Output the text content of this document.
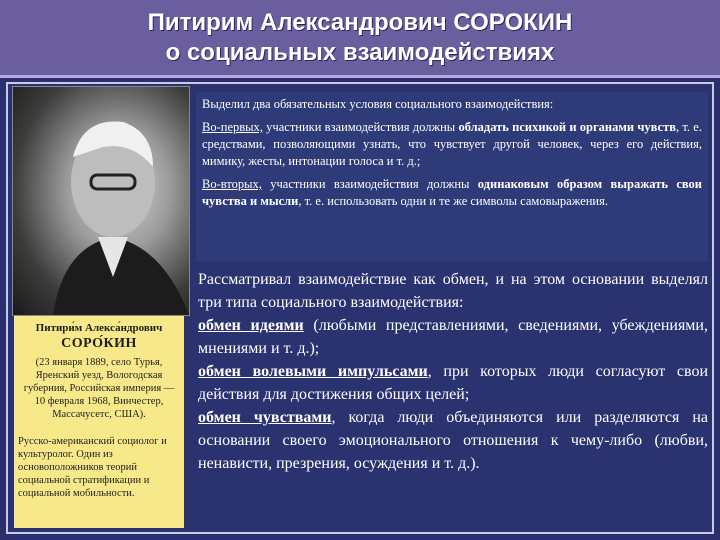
Питирим Александрович СОРОКИН
о социальных взаимодействиях
Питири́м Алекса́ндрович
СОРО́КИН
(23 января 1889, село Турья, Яренский уезд, Вологодская губерния, Российская империя — 10 февраля 1968, Винчестер, Массачусетс, США).
Русско-американский социолог и культуролог. Один из основоположников теорий социальной стратификации и социальной мобильности.

Выделил два обязательных условия социального взаимодействия:

Во-первых, участники взаимодействия должны обладать психикой и органами чувств, т. е. средствами, позволяющими узнать, что чувствует другой человек, через его действия, мимику, жесты, интонации голоса и т. д.;

Во-вторых, участники взаимодействия должны одинаковым образом выражать свои чувства и мысли, т. е. использовать одни и те же символы самовыражения.

Рассматривал взаимодействие как обмен, и на этом основании выделял три типа социального взаимодействия:

обмен идеями (любыми представлениями, сведениями, убеждениями, мнениями и т. д.);

обмен волевыми импульсами, при которых люди согласуют свои действия для достижения общих целей;

обмен чувствами, когда люди объединяются или разделяются на основании своего эмоционального отношения к чему-либо (любви, ненависти, презрения, осуждения и т. д.).
